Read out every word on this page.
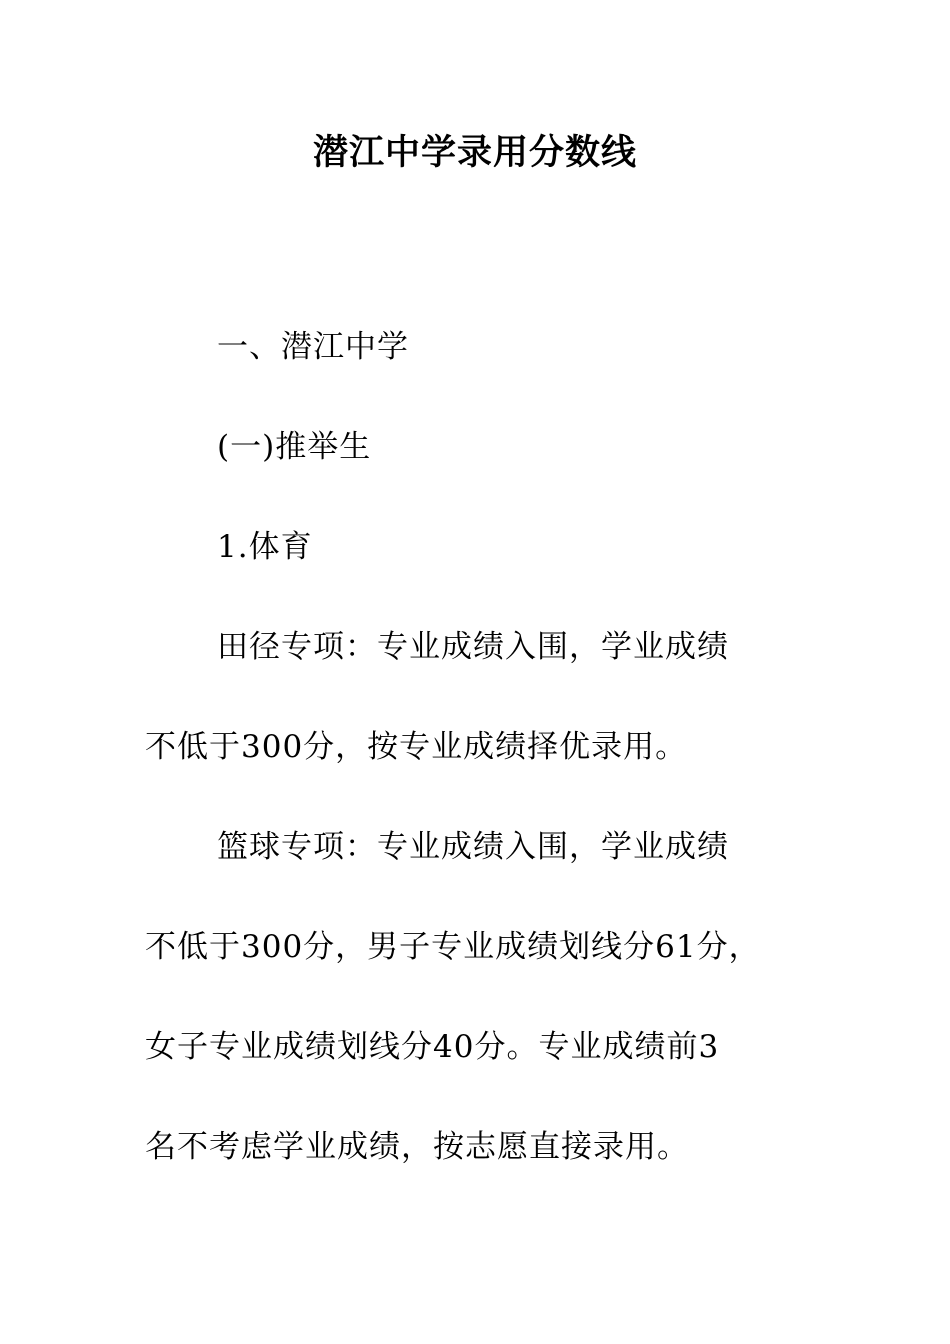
潜江中学录用分数线

一、潜江中学

(一)推举生

1.体育

田径专项：专业成绩入围，学业成绩

不低于300分，按专业成绩择优录用。

篮球专项：专业成绩入围，学业成绩

不低于300分，男子专业成绩划线分61分，

女子专业成绩划线分40分。专业成绩前3

名不考虑学业成绩，按志愿直接录用。
